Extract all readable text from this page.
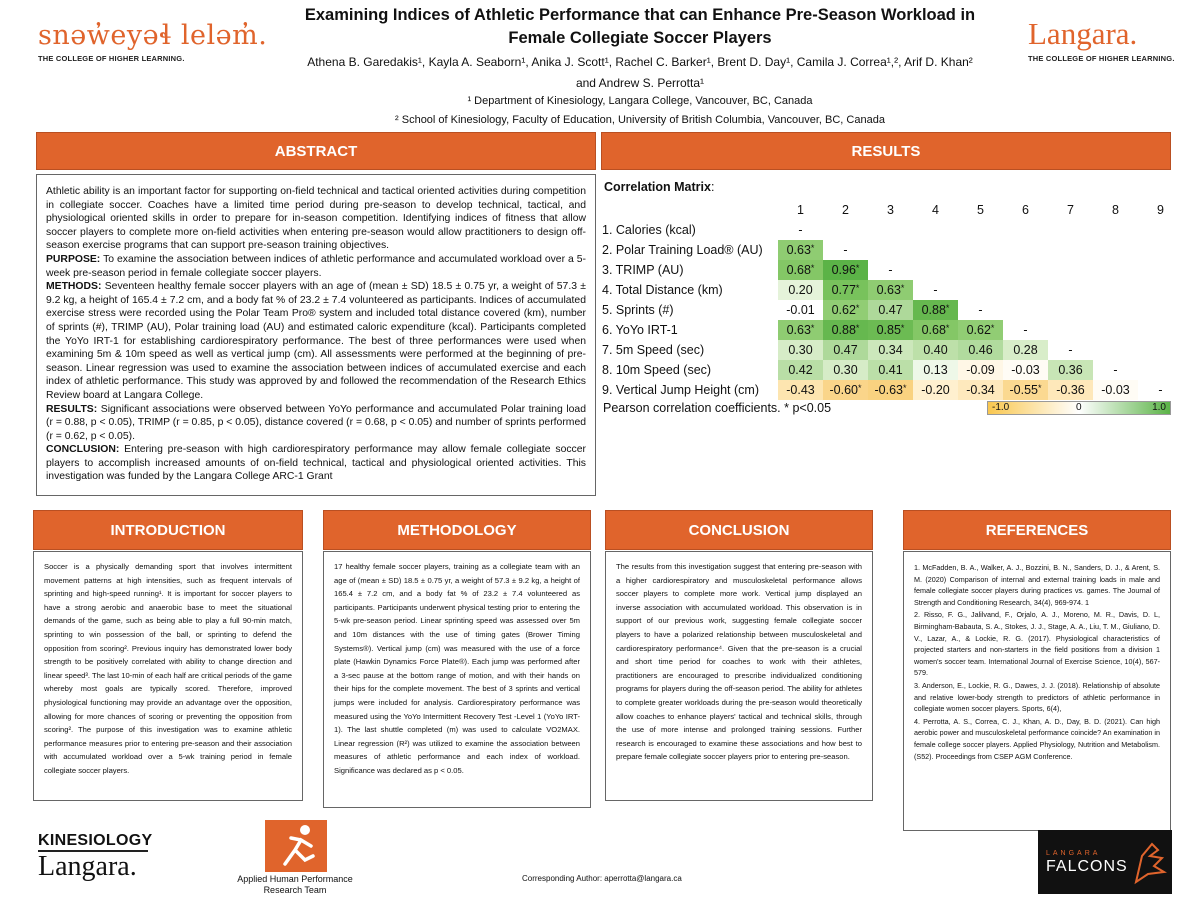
snəw̓eyəɬ leləm̓.
THE COLLEGE OF HIGHER LEARNING.
Langara.
THE COLLEGE OF HIGHER LEARNING.
Examining Indices of Athletic Performance that can Enhance Pre-Season Workload in
Female Collegiate Soccer Players
Athena B. Garedakis¹, Kayla A. Seaborn¹, Anika J. Scott¹, Rachel C. Barker¹, Brent D. Day¹, Camila J. Correa¹,², Arif D. Khan²
and Andrew S. Perrotta¹
¹ Department of Kinesiology, Langara College, Vancouver, BC, Canada
² School of Kinesiology, Faculty of Education, University of British Columbia, Vancouver, BC, Canada
ABSTRACT
Athletic ability is an important factor for supporting on-field technical and tactical oriented activities during competition in collegiate soccer. Coaches have a limited time period during pre-season to develop technical, tactical, and physiological oriented skills in order to prepare for in-season competition. Identifying indices of fitness that allow soccer players to complete more on-field activities when entering pre-season would allow practitioners to design off-season exercise programs that can support pre-season training objectives.
PURPOSE: To examine the association between indices of athletic performance and accumulated workload over a 5-week pre-season period in female collegiate soccer players.
METHODS: Seventeen healthy female soccer players with an age of (mean ± SD) 18.5 ± 0.75 yr, a weight of 57.3 ± 9.2 kg, a height of 165.4 ± 7.2 cm, and a body fat % of 23.2 ± 7.4 volunteered as participants. Indices of accumulated exercise stress were recorded using the Polar Team Pro® system and included total distance covered (km), number of sprints (#), TRIMP (AU), Polar training load (AU) and estimated caloric expenditure (kcal). Participants completed the YoYo IRT-1 for establishing cardiorespiratory performance. The best of three performances were used when examining 5m & 10m speed as well as vertical jump (cm). All assessments were performed at the beginning of pre-season. Linear regression was used to examine the association between indices of accumulated exercise and each index of athletic performance. This study was approved by and followed the recommendation of the Research Ethics Review board at Langara College.
RESULTS: Significant associations were observed between YoYo performance and accumulated Polar training load (r = 0.88, p < 0.05), TRIMP (r = 0.85, p < 0.05), distance covered (r = 0.68, p < 0.05) and number of sprints performed (r = 0.62, p < 0.05).
CONCLUSION: Entering pre-season with high cardiorespiratory performance may allow female collegiate soccer players to accomplish increased amounts of on-field technical, tactical and physiological oriented activities. This investigation was funded by the Langara College ARC-1 Grant
RESULTS
Correlation Matrix:
	1	2	3	4	5	6	7	8	9
1. Calories (kcal)	-								
2. Polar Training Load® (AU)	0.63*	-							
3. TRIMP (AU)	0.68*	0.96*	-						
4. Total Distance (km)	0.20	0.77*	0.63*	-					
5. Sprints (#)	-0.01	0.62*	0.47	0.88*	-				
6. YoYo IRT-1	0.63*	0.88*	0.85*	0.68*	0.62*	-			
7. 5m Speed (sec)	0.30	0.47	0.34	0.40	0.46	0.28	-		
8. 10m Speed (sec)	0.42	0.30	0.41	0.13	-0.09	-0.03	0.36	-	
9. Vertical Jump Height (cm)	-0.43	-0.60*	-0.63*	-0.20	-0.34	-0.55*	-0.36	-0.03	-
Pearson correlation coefficients. * p<0.05	-1.0	0	1.0
INTRODUCTION
Soccer is a physically demanding sport that involves intermittent movement patterns at high intensities, such as frequent intervals of sprinting and high-speed running¹. It is important for soccer players to have a strong aerobic and anaerobic base to meet the situational demands of the game, such as being able to play a full 90-min match, sprinting to win possession of the ball, or sprinting to defend the opposition from scoring². Previous inquiry has demonstrated lower body strength to be positively correlated with ability to change direction and linear speed³. The last 10-min of each half are critical periods of the game whereby most goals are typically scored. Therefore, improved physiological functioning may provide an advantage over the opposition, allowing for more chances of scoring or preventing the opposition from scoring². The purpose of this investigation was to examine athletic performance measures prior to entering pre-season and their association with accumulated workload over a 5-wk training period in female collegiate soccer players.
METHODOLOGY
17 healthy female soccer players, training as a collegiate team with an age of (mean ± SD) 18.5 ± 0.75 yr, a weight of 57.3 ± 9.2 kg, a height of 165.4 ± 7.2 cm, and a body fat % of 23.2 ± 7.4 volunteered as participants. Participants underwent physical testing prior to entering the 5-wk pre-season period. Linear sprinting speed was assessed over 5m and 10m distances with the use of timing gates (Brower Timing Systems®). Vertical jump (cm) was measured with the use of a force plate (Hawkin Dynamics Force Plate®). Each jump was performed after a 3-sec pause at the bottom range of motion, and with their hands on their hips for the complete movement. The best of 3 sprints and vertical jumps were included for analysis. Cardiorespiratory performance was measured using the YoYo Intermittent Recovery Test -Level 1 (YoYo IRT-1). The last shuttle completed (m) was used to calculate VO2MAX. Linear regression (R²) was utilized to examine the association between measures of athletic performance and each index of workload. Significance was declared as p < 0.05.
CONCLUSION
The results from this investigation suggest that entering pre-season with a higher cardiorespiratory and musculoskeletal performance allows soccer players to complete more work. Vertical jump displayed an inverse association with accumulated workload. This observation is in support of our previous work, suggesting female collegiate soccer players to have a polarized relationship between musculoskeletal and cardiorespiratory performance⁴. Given that the pre-season is a crucial and short time period for coaches to work with their athletes, practitioners are encouraged to prescribe individualized conditioning programs for players during the off-season period. The ability for athletes to complete greater workloads during the pre-season would theoretically allow coaches to enhance players' tactical and technical skills, through the use of more intense and prolonged training sessions. Further research is encouraged to examine these associations and how best to prepare female collegiate soccer players prior to entering pre-season.
REFERENCES

1. McFadden, B. A., Walker, A. J., Bozzini, B. N., Sanders, D. J., & Arent, S. M. (2020) Comparison of internal and external training loads in male and female collegiate soccer players during practices vs. games. The Journal of Strength and Conditioning Research, 34(4), 969-974. 1

2. Risso, F. G., Jalilvand, F., Orjalo, A. J., Moreno, M. R., Davis, D. L, Birmingham-Babauta, S. A., Stokes, J. J., Stage, A. A., Liu, T. M., Giuliano, D. V., Lazar, A., & Lockie, R. G. (2017). Physiological characteristics of projected starters and non-starters in the field positions from a division 1 women's soccer team. International Journal of Exercise Science, 10(4), 567-579.

3. Anderson, E., Lockie, R. G., Dawes, J. J. (2018). Relationship of absolute and relative lower-body strength to predictors of athletic performance in collegiate women soccer players. Sports, 6(4),

4. Perrotta, A. S., Correa, C. J., Khan, A. D., Day, B. D. (2021). Can high aerobic power and musculoskeletal performance coincide? An examination in female college soccer players. Applied Physiology, Nutrition and Metabolism. (S52). Proceedings from CSEP AGM Conference.

KINESIOLOGY
Langara.	Applied Human Performance
Research Team
Corresponding Author: aperrotta@langara.ca
LANGARA
FALCONS
